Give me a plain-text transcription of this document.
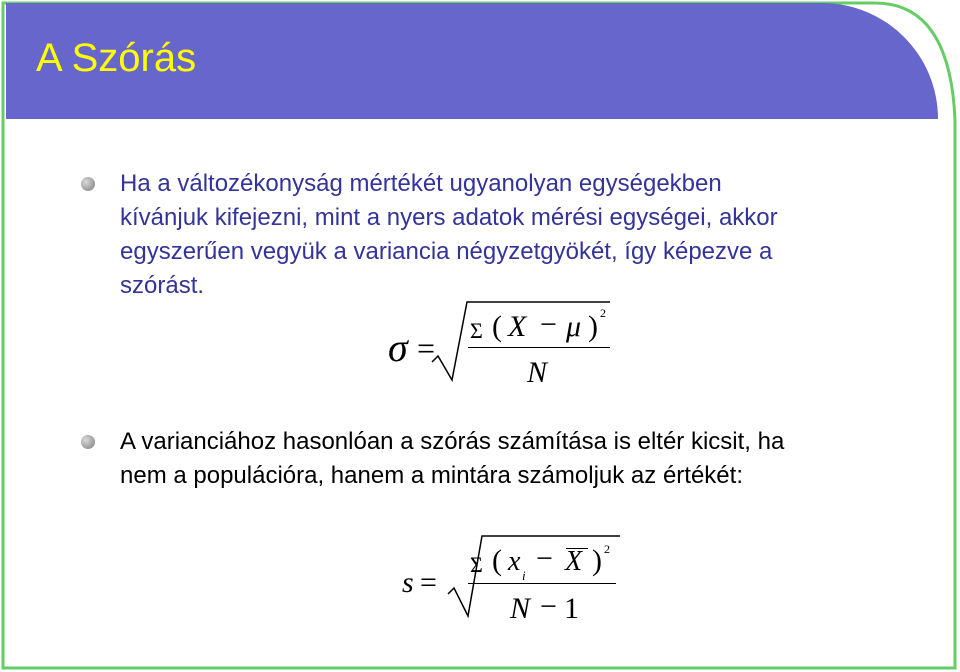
A Szórás
Ha a változékonyság mértékét ugyanolyan egységekben
kívánjuk kifejezni, mint a nyers adatok mérési egységei, akkor
egyszerűen vegyük a variancia négyzetgyökét, így képezve a
szórást.
σ = Σ ( X − μ ) 2
N
A varianciához hasonlóan a szórás számítása is eltér kicsit, ha
nem a populációra, hanem a mintára számoljuk az értékét:
s =
Σ ( x i
− X ) 2
N − 1
